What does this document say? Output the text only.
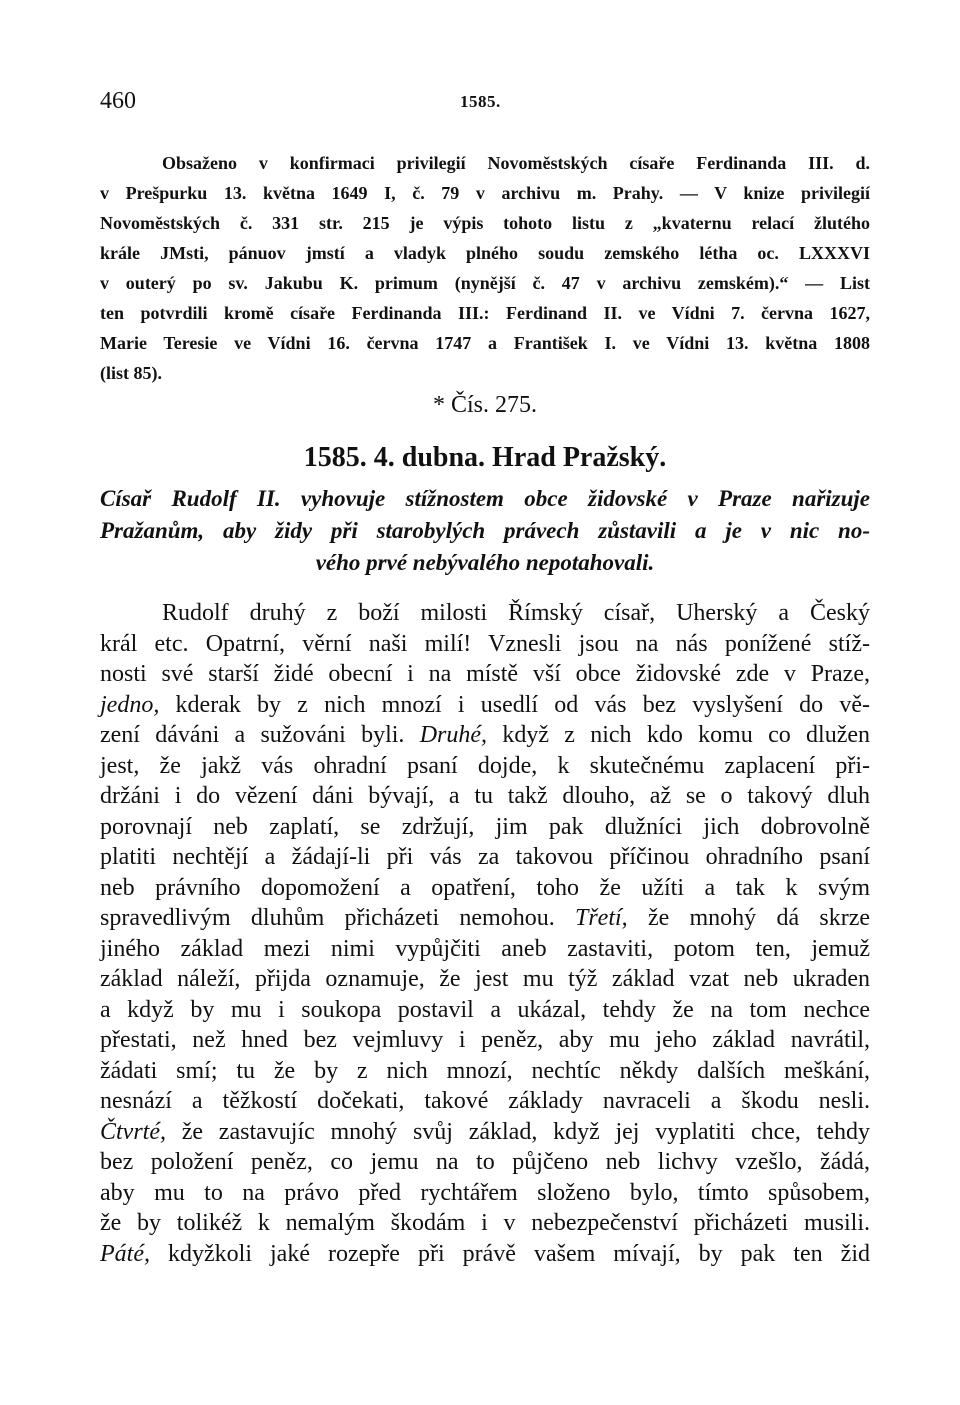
460	1585.
Obsaženo v konfirmaci privilegií Novoměstských císaře Ferdinanda III. d.
v Prešpurku 13. května 1649 I, č. 79 v archivu m. Prahy. — V knize privilegií
Novoměstských č. 331 str. 215 je výpis tohoto listu z „kvaternu relací žlutého
krále JMsti, pánuov jmstí a vladyk plného soudu zemského létha oc. LXXXVI
v outerý po sv. Jakubu K. primum (nynější č. 47 v archivu zemském).“ — List
ten potvrdili kromě císaře Ferdinanda III.: Ferdinand II. ve Vídni 7. června 1627,
Marie Teresie ve Vídni 16. června 1747 a František I. ve Vídni 13. května 1808
(list 85).
* Čís. 275.
1585. 4. dubna. Hrad Pražský.
Císař Rudolf II. vyhovuje stížnostem obce židovské v Praze nařizuje
Pražanům, aby židy při starobylých právech zůstavili a je v nic no-
vého prvé nebývalého nepotahovali.
Rudolf druhý z boží milosti Římský císař, Uherský a Český
král etc. Opatrní, věrní naši milí! Vznesli jsou na nás ponížené stíž-
nosti své starší židé obecní i na místě vší obce židovské zde v Praze,
jedno, kderak by z nich mnozí i usedlí od vás bez vyslyšení do vě-
zení dáváni a sužováni byli. Druhé, když z nich kdo komu co dlužen
jest, že jakž vás ohradní psaní dojde, k skutečnému zaplacení při-
držáni i do vězení dáni bývají, a tu takž dlouho, až se o takový dluh
porovnají neb zaplatí, se zdržují, jim pak dlužníci jich dobrovolně
platiti nechtějí a žádají-li při vás za takovou příčinou ohradního psaní
neb právního dopomožení a opatření, toho že užíti a tak k svým
spravedlivým dluhům přicházeti nemohou. Třetí, že mnohý dá skrze
jiného základ mezi nimi vypůjčiti aneb zastaviti, potom ten, jemuž
základ náleží, přijda oznamuje, že jest mu týž základ vzat neb ukraden
a když by mu i soukopa postavil a ukázal, tehdy že na tom nechce
přestati, než hned bez vejmluvy i peněz, aby mu jeho základ navrátil,
žádati smí; tu že by z nich mnozí, nechtíc někdy dalších meškání,
nesnází a těžkostí dočekati, takové základy navraceli a škodu nesli.
Čtvrté, že zastavujíc mnohý svůj základ, když jej vyplatiti chce, tehdy
bez položení peněz, co jemu na to půjčeno neb lichvy vzešlo, žádá,
aby mu to na právo před rychtářem složeno bylo, tímto spůsobem,
že by tolikéž k nemalým škodám i v nebezpečenství přicházeti musili.
Páté, kdyžkoli jaké rozepře při právě vašem mívají, by pak ten žid
